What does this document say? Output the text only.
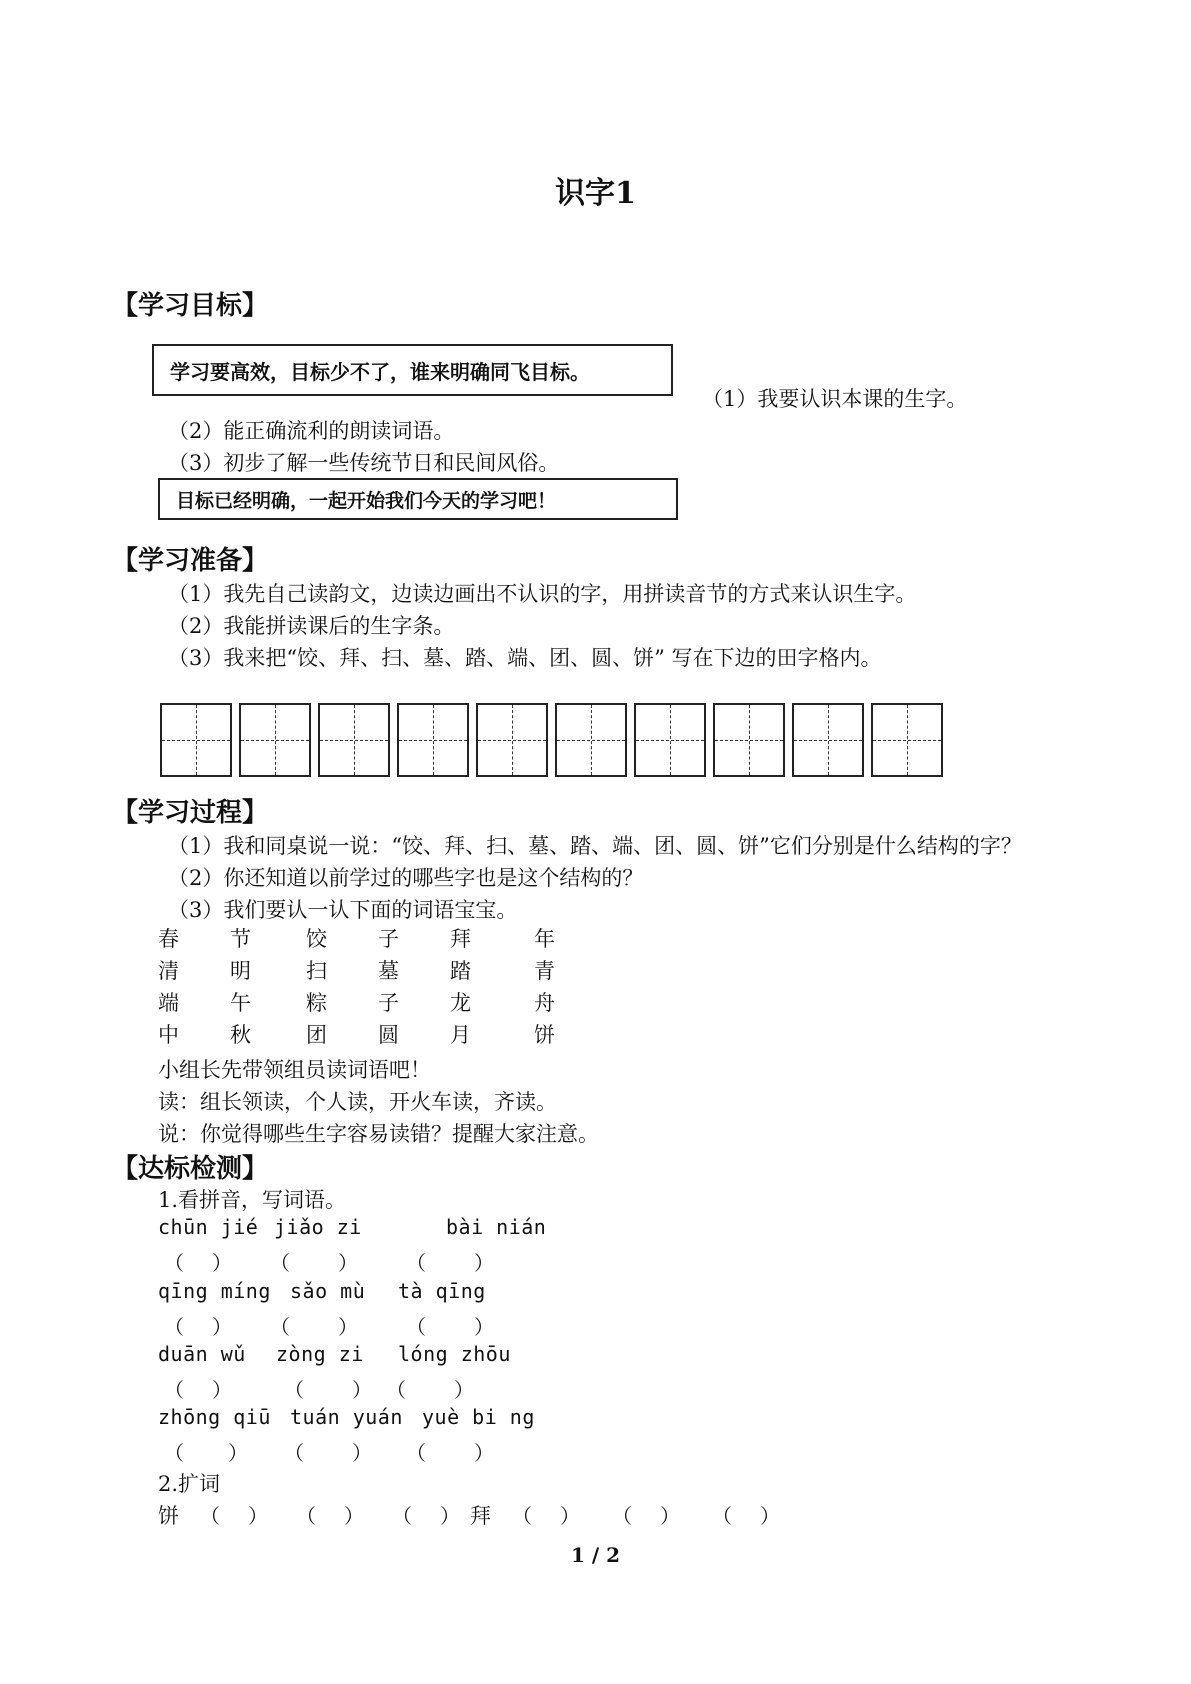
识字1
【学习目标】
学习要高效，目标少不了，谁来明确同飞目标。
（1）我要认识本课的生字。
（2）能正确流利的朗读词语。
（3）初步了解一些传统节日和民间风俗。
目标已经明确，一起开始我们今天的学习吧！
【学习准备】
（1）我先自己读韵文，边读边画出不认识的字，用拼读音节的方式来认识生字。
（2）我能拼读课后的生字条。
（3）我来把“饺、拜、扫、墓、踏、端、团、圆、饼” 写在下边的田字格内。
【学习过程】
（1）我和同桌说一说：“饺、拜、扫、墓、踏、端、团、圆、饼”它们分别是什么结构的字？
（2）你还知道以前学过的哪些字也是这个结构的？
（3）我们要认一认下面的词语宝宝。
春	节	饺	子	拜	年
清	明	扫	墓	踏	青
端	午	粽	子	龙	舟
中	秋	团	圆	月	饼
小组长先带领组员读词语吧！
读：组长领读，个人读，开火车读，齐读。
说：你觉得哪些生字容易读错？提醒大家注意。
【达标检测】
1.看拼音，写词语。
chūn jié jiǎo zi	bài nián
（ ） （ ） （ ）
qīng míng sǎo mù tà qīng
（ ） （ ） （ ）
duān wǔ zòng zi lóng zhōu
（ ）	（ ） （ ）
zhōng qiū tuán yuán yuè bi ng
（ ） （ ） （ ）
2.扩词
饼 （ ） （ ） （ ） 拜 （ ） （ ） （ ）
1 / 2
